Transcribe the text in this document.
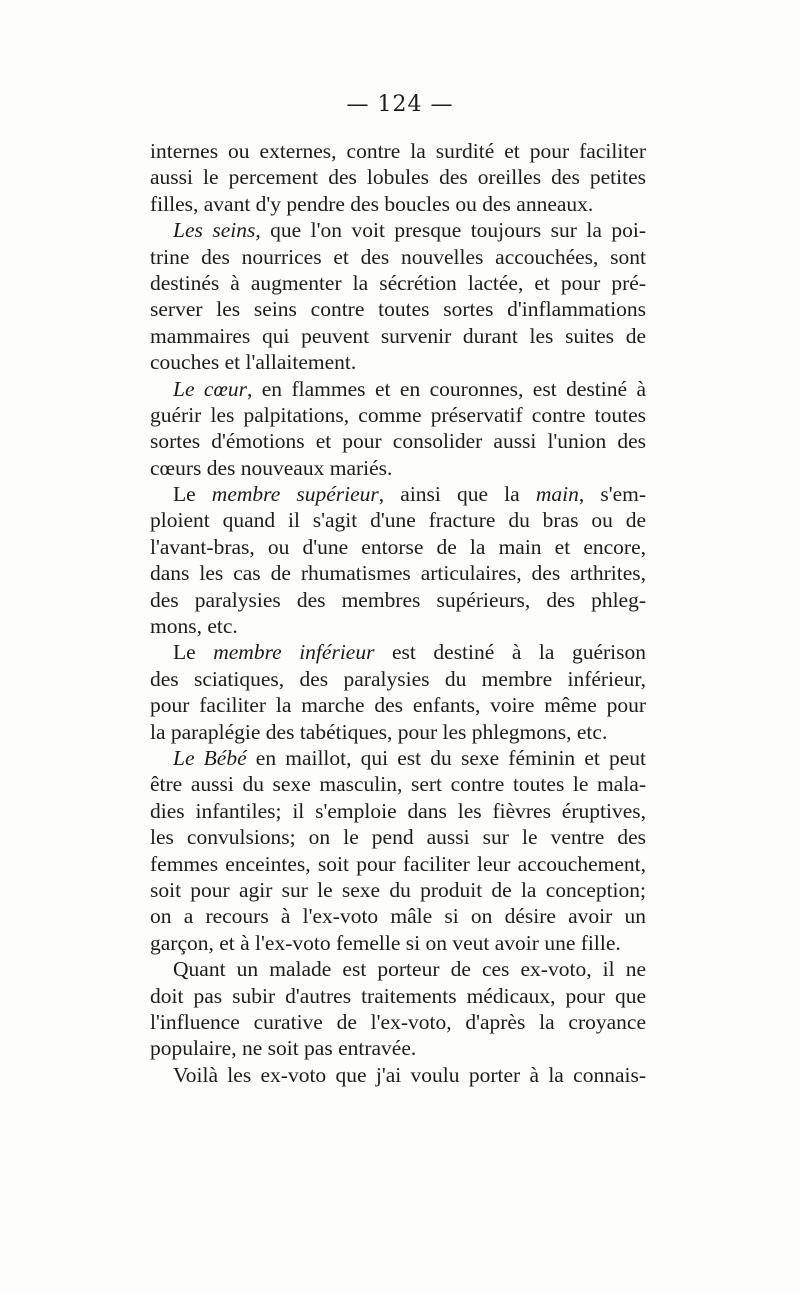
— 124 —
internes ou externes, contre la surdité et pour faciliter
aussi le percement des lobules des oreilles des petites
filles, avant d'y pendre des boucles ou des anneaux.
Les seins, que l'on voit presque toujours sur la poi-
trine des nourrices et des nouvelles accouchées, sont
destinés à augmenter la sécrétion lactée, et pour pré-
server les seins contre toutes sortes d'inflammations
mammaires qui peuvent survenir durant les suites de
couches et l'allaitement.
Le cœur, en flammes et en couronnes, est destiné à
guérir les palpitations, comme préservatif contre toutes
sortes d'émotions et pour consolider aussi l'union des
cœurs des nouveaux mariés.
Le membre supérieur, ainsi que la main, s'em-
ploient quand il s'agit d'une fracture du bras ou de
l'avant-bras, ou d'une entorse de la main et encore,
dans les cas de rhumatismes articulaires, des arthrites,
des paralysies des membres supérieurs, des phleg-
mons, etc.
Le membre inférieur est destiné à la guérison
des sciatiques, des paralysies du membre inférieur,
pour faciliter la marche des enfants, voire même pour
la paraplégie des tabétiques, pour les phlegmons, etc.
Le Bébé en maillot, qui est du sexe féminin et peut
être aussi du sexe masculin, sert contre toutes le mala-
dies infantiles; il s'emploie dans les fièvres éruptives,
les convulsions; on le pend aussi sur le ventre des
femmes enceintes, soit pour faciliter leur accouchement,
soit pour agir sur le sexe du produit de la conception;
on a recours à l'ex-voto mâle si on désire avoir un
garçon, et à l'ex-voto femelle si on veut avoir une fille.
Quant un malade est porteur de ces ex-voto, il ne
doit pas subir d'autres traitements médicaux, pour que
l'influence curative de l'ex-voto, d'après la croyance
populaire, ne soit pas entravée.
Voilà les ex-voto que j'ai voulu porter à la connais-
